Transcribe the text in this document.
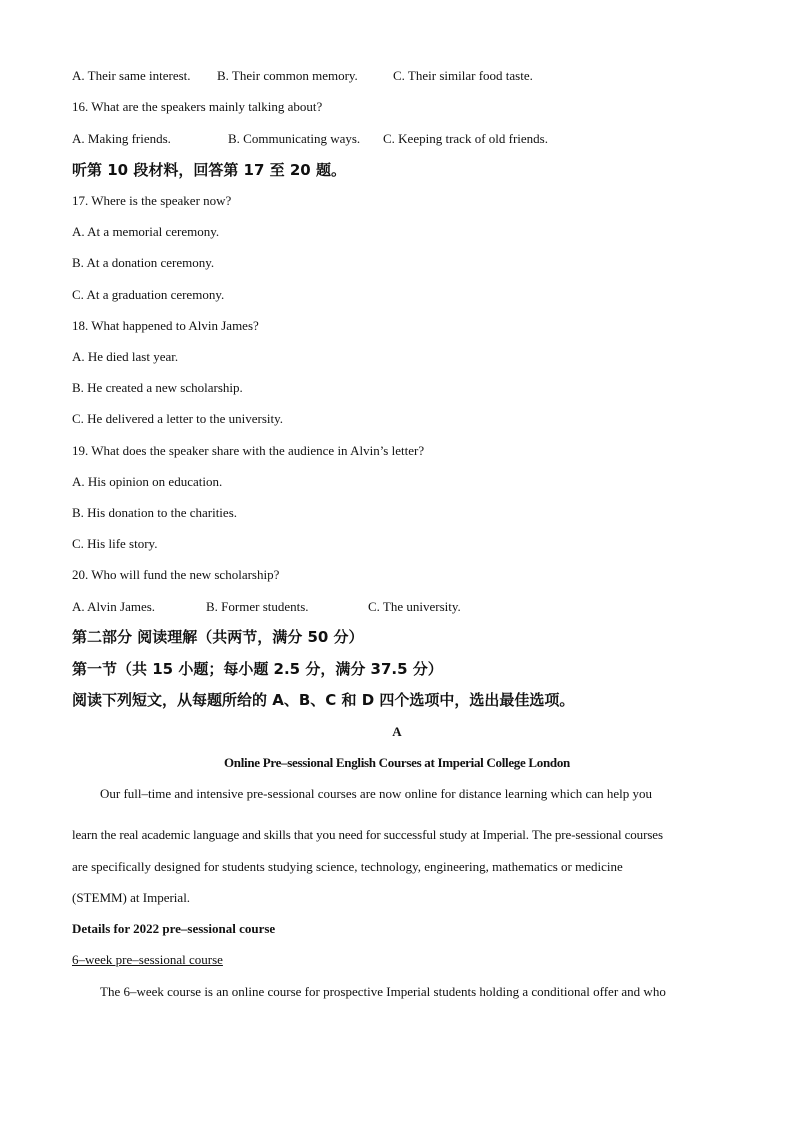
A. Their same interest. B. Their common memory.	C. Their similar food taste.
16. What are the speakers mainly talking about?
A. Making friends.	B. Communicating ways. C. Keeping track of old friends.
听第 10 段材料，回答第 17 至 20 题。
17. Where is the speaker now?
A. At a memorial ceremony.
B. At a donation ceremony.
C. At a graduation ceremony.
18. What happened to Alvin James?
A. He died last year.
B. He created a new scholarship.
C. He delivered a letter to the university.
19. What does the speaker share with the audience in Alvin’s letter?
A. His opinion on education.
B. His donation to the charities.
C. His life story.
20. Who will fund the new scholarship?
A. Alvin James.	B. Former students.	C. The university.
第二部分 阅读理解（共两节，满分 50 分）
第一节（共 15 小题；每小题 2.5 分，满分 37.5 分）
阅读下列短文，从每题所给的 A、B、C 和 D 四个选项中，选出最佳选项。
A
Online Pre–sessional English Courses at Imperial College London
Our full–time and intensive pre-sessional courses are now online for distance learning which can help you
learn the real academic language and skills that you need for successful study at Imperial. The pre-sessional courses
are specifically designed for students studying science, technology, engineering, mathematics or medicine
(STEMM) at Imperial.
Details for 2022 pre–sessional course
6–week pre–sessional course
The 6–week course is an online course for prospective Imperial students holding a conditional offer and who
